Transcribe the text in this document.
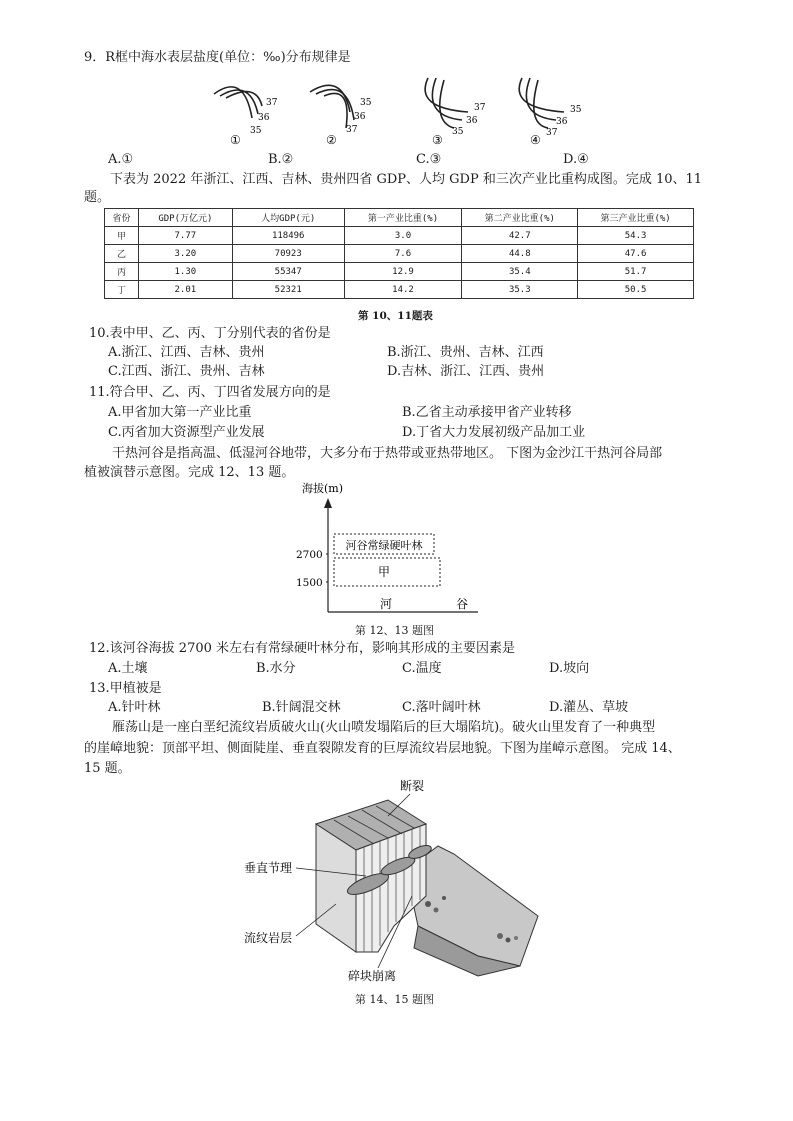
9．R框中海水表层盐度(单位：‰)分布规律是
37
36
35
①
35
36
37
②
37
36
35
③
35
36
37
④
A.①	B.②	C.③	D.④
下表为 2022 年浙江、江西、吉林、贵州四省 GDP、人均 GDP 和三次产业比重构成图。完成 10、11
题。
省份	GDP(万亿元)	人均GDP(元)	第一产业比重(%)	第二产业比重(%)	第三产业比重(%)
甲	7.77	118496	3.0	42.7	54.3
乙	3.20	70923	7.6	44.8	47.6
丙	1.30	55347	12.9	35.4	51.7
丁	2.01	52321	14.2	35.3	50.5
第 10、11题表
10.表中甲、乙、丙、丁分别代表的省份是
A.浙江、江西、吉林、贵州	B.浙江、贵州、吉林、江西
C.江西、浙江、贵州、吉林	D.吉林、浙江、江西、贵州
11.符合甲、乙、丙、丁四省发展方向的是
A.甲省加大第一产业比重	B.乙省主动承接甲省产业转移
C.丙省加大资源型产业发展	D.丁省大力发展初级产品加工业
干热河谷是指高温、低湿河谷地带，大多分布于热带或亚热带地区。 下图为金沙江干热河谷局部
植被演替示意图。完成 12、13 题。
海拔(m)
2700
1500
河谷常绿硬叶林
甲
河	谷
第 12、13 题图
12.该河谷海拔 2700 米左右有常绿硬叶林分布，影响其形成的主要因素是
A.土壤	B.水分	C.温度	D.坡向
13.甲植被是
A.针叶林	B.针阔混交林	C.落叶阔叶林	D.灌丛、草坡
雁荡山是一座白垩纪流纹岩质破火山(火山喷发塌陷后的巨大塌陷坑)。破火山里发育了一种典型
的崖嶂地貌：顶部平坦、侧面陡崖、垂直裂隙发育的巨厚流纹岩层地貌。下图为崖嶂示意图。 完成 14、
15 题。
断裂
垂直节理
流纹岩层
碎块崩离
第 14、15 题图
